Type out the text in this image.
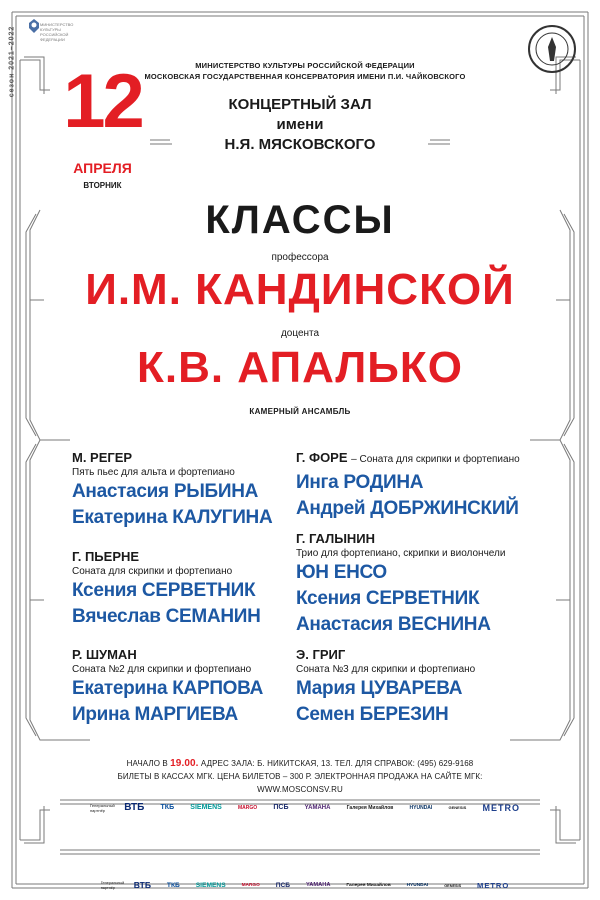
сезон 2021–2022
МИНИСТЕРСТВО КУЛЬТУРЫ РОССИЙСКОЙ ФЕДЕРАЦИИ
МИНИСТЕРСТВО КУЛЬТУРЫ РОССИЙСКОЙ ФЕДЕРАЦИИ
МОСКОВСКАЯ ГОСУДАРСТВЕННАЯ КОНСЕРВАТОРИЯ ИМЕНИ П.И. ЧАЙКОВСКОГО
12
АПРЕЛЯ
ВТОРНИК
КОНЦЕРТНЫЙ ЗАЛ
имени
Н.Я. МЯСКОВСКОГО
КЛАССЫ
профессора
И.М. КАНДИНСКОЙ
доцента
К.В. АПАЛЬКО
КАМЕРНЫЙ АНСАМБЛЬ
М. РЕГЕР
Пять пьес для альта и фортепиано
Анастасия РЫБИНА
Екатерина КАЛУГИНА
Г. ПЬЕРНЕ
Соната для скрипки и фортепиано
Ксения СЕРВЕТНИК
Вячеслав СЕМАНИН
Р. ШУМАН
Соната №2 для скрипки и фортепиано
Екатерина КАРПОВА
Ирина МАРГИЕВА
Г. ФОРЕ – Соната для скрипки и фортепиано
Инга РОДИНА
Андрей ДОБРЖИНСКИЙ
Г. ГАЛЫНИН
Трио для фортепиано, скрипки и виолончели
ЮН ЕНСО
Ксения СЕРВЕТНИК
Анастасия ВЕСНИНА
Э. ГРИГ
Соната №3 для скрипки и фортепиано
Мария ЦУВАРЕВА
Семен БЕРЕЗИН
НАЧАЛО В 19.00. АДРЕС ЗАЛА: Б. НИКИТСКАЯ, 13. ТЕЛ. ДЛЯ СПРАВОК: (495) 629-9168
БИЛЕТЫ В КАССАХ МГК. ЦЕНА БИЛЕТОВ – 300 Р. ЭЛЕКТРОННАЯ ПРОДАЖА НА САЙТЕ МГК: WWW.MOSCONSV.RU
Генеральный партнёр ВТБ ТКБ SIEMENS	MARGO ПСБ	YAMAHA	Галерея Михайлов	HYUNDAI	GENESIS METRO
Генеральный партнёр	ВТБ ТКБ SIEMENS	MARGO ПСБ	YAMAHA	Галерея Михайлов	HYUNDAI	GENESIS METRO
